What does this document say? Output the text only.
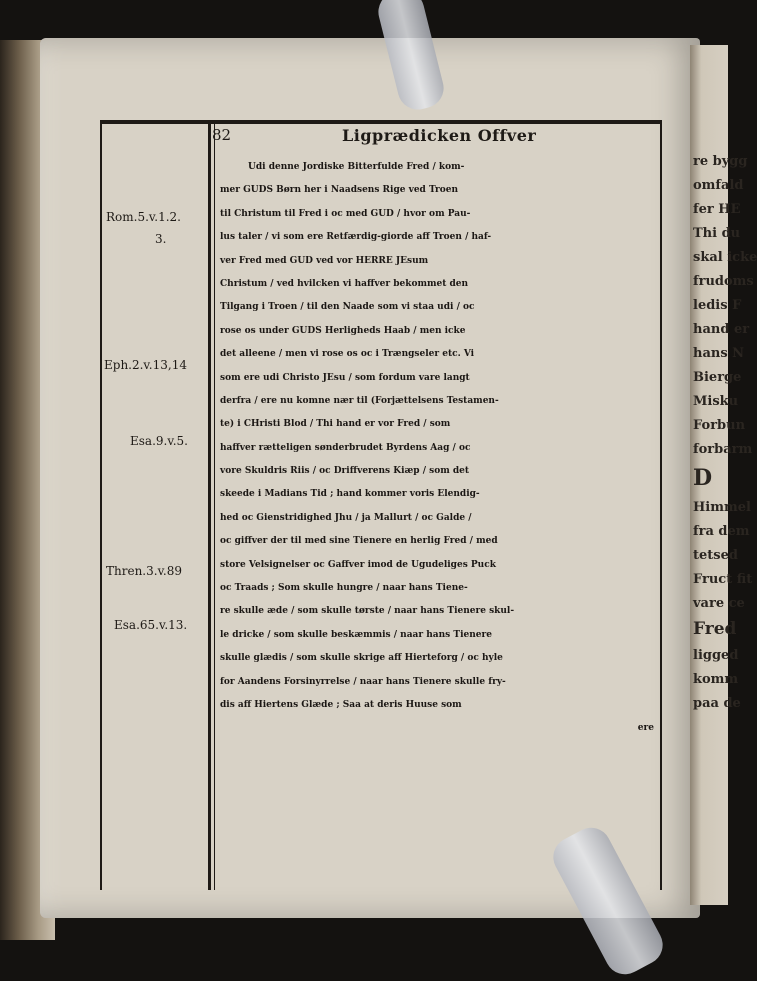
re bygg
omfald
fer HE
Thi du
skal icke
frudoms
ledis F
hand er
hans N
Bierge
Misku
Forbun
forbarm
D
Himmel
fra dem
tetsed
Fruct fit
vare ce
Fred
ligged
komm
paa de
82	Ligprædicken Offver
Rom.5.v.1.2.
3.
Eph.2.v.13,14
Esa.9.v.5.
Thren.3.v.89
Esa.65.v.13.
Udi denne Jordiske Bitterfulde Fred / kom-
mer GUDS Børn her i Naadsens Rige ved Troen
til Christum til Fred i oc med GUD / hvor om Pau-
lus taler / vi som ere Retfærdig-giorde aff Troen / haf-
ver Fred med GUD ved vor HERRE JEsum
Christum / ved hvilcken vi haffver bekommet den
Tilgang i Troen / til den Naade som vi staa udi / oc
rose os under GUDS Herligheds Haab / men icke
det alleene / men vi rose os oc i Trængseler etc. Vi
som ere udi Christo JEsu / som fordum vare langt
derfra / ere nu komne nær til (Forjættelsens Testamen-
te) i CHristi Blod / Thi hand er vor Fred / som
haffver rætteligen sønderbrudet Byrdens Aag / oc
vore Skuldris Riis / oc Driffverens Kiæp / som det
skeede i Madians Tid ; hand kommer voris Elendig-
hed oc Gienstridighed Jhu / ja Mallurt / oc Galde /
oc giffver der til med sine Tienere en herlig Fred / med
store Velsignelser oc Gaffver imod de Ugudeliges Puck
oc Traads ; Som skulle hungre / naar hans Tiene-
re skulle æde / som skulle tørste / naar hans Tienere skul-
le dricke / som skulle beskæmmis / naar hans Tienere
skulle glædis / som skulle skrige aff Hierteforg / oc hyle
for Aandens Forsinyrrelse / naar hans Tienere skulle fry-
dis aff Hiertens Glæde ; Saa at deris Huuse som
ere
